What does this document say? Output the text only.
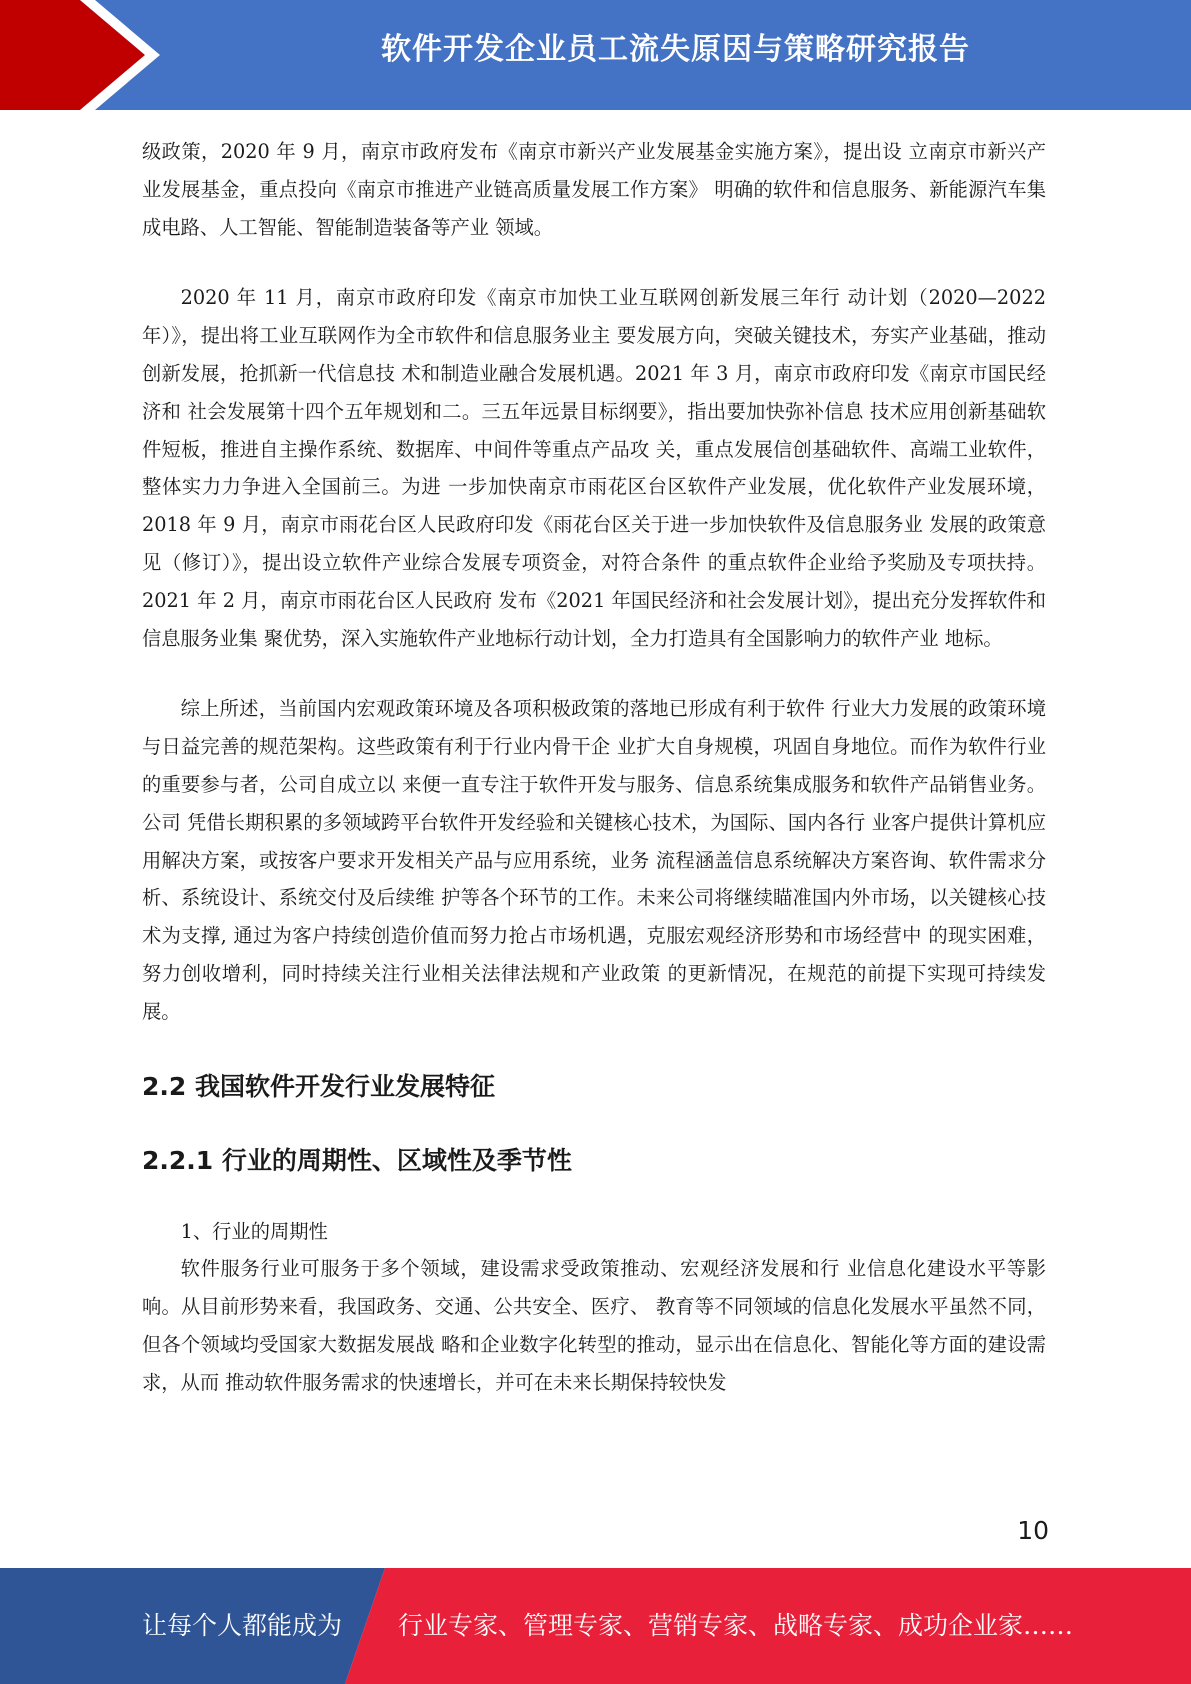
软件开发企业员工流失原因与策略研究报告

级政策，2020 年 9 月，南京市政府发布《南京市新兴产业发展基金实施方案》，提出设 立南京市新兴产业发展基金，重点投向《南京市推进产业链高质量发展工作方案》 明确的软件和信息服务、新能源汽车集成电路、人工智能、智能制造装备等产业 领域。

2020 年 11 月，南京市政府印发《南京市加快工业互联网创新发展三年行 动计划（2020—2022 年）》，提出将工业互联网作为全市软件和信息服务业主 要发展方向，突破关键技术，夯实产业基础，推动创新发展，抢抓新一代信息技 术和制造业融合发展机遇。2021 年 3 月，南京市政府印发《南京市国民经济和 社会发展第十四个五年规划和二。三五年远景目标纲要》，指出要加快弥补信息 技术应用创新基础软件短板，推进自主操作系统、数据库、中间件等重点产品攻 关，重点发展信创基础软件、高端工业软件，整体实力力争进入全国前三。为进 一步加快南京市雨花区台区软件产业发展，优化软件产业发展环境，2018 年 9 月，南京市雨花台区人民政府印发《雨花台区关于进一步加快软件及信息服务业 发展的政策意见（修订）》，提出设立软件产业综合发展专项资金，对符合条件 的重点软件企业给予奖励及专项扶持。2021 年 2 月，南京市雨花台区人民政府 发布《2021 年国民经济和社会发展计划》，提出充分发挥软件和信息服务业集 聚优势，深入实施软件产业地标行动计划，全力打造具有全国影响力的软件产业 地标。

综上所述，当前国内宏观政策环境及各项积极政策的落地已形成有利于软件 行业大力发展的政策环境与日益完善的规范架构。这些政策有利于行业内骨干企 业扩大自身规模，巩固自身地位。而作为软件行业的重要参与者，公司自成立以 来便一直专注于软件开发与服务、信息系统集成服务和软件产品销售业务。公司 凭借长期积累的多领域跨平台软件开发经验和关键核心技术，为国际、国内各行 业客户提供计算机应用解决方案，或按客户要求开发相关产品与应用系统，业务 流程涵盖信息系统解决方案咨询、软件需求分析、系统设计、系统交付及后续维 护等各个环节的工作。未来公司将继续瞄准国内外市场，以关键核心技术为支撑, 通过为客户持续创造价值而努力抢占市场机遇，克服宏观经济形势和市场经营中 的现实困难，努力创收增利，同时持续关注行业相关法律法规和产业政策 的更新情况，在规范的前提下实现可持续发展。

2.2 我国软件开发行业发展特征
2.2.1 行业的周期性、区域性及季节性

1、行业的周期性

软件服务行业可服务于多个领域，建设需求受政策推动、宏观经济发展和行 业信息化建设水平等影响。从目前形势来看，我国政务、交通、公共安全、医疗、 教育等不同领域的信息化发展水平虽然不同，但各个领域均受国家大数据发展战 略和企业数字化转型的推动，显示出在信息化、智能化等方面的建设需求，从而 推动软件服务需求的快速增长，并可在未来长期保持较快发

10
让每个人都能成为 行业专家、管理专家、营销专家、战略专家、成功企业家……
